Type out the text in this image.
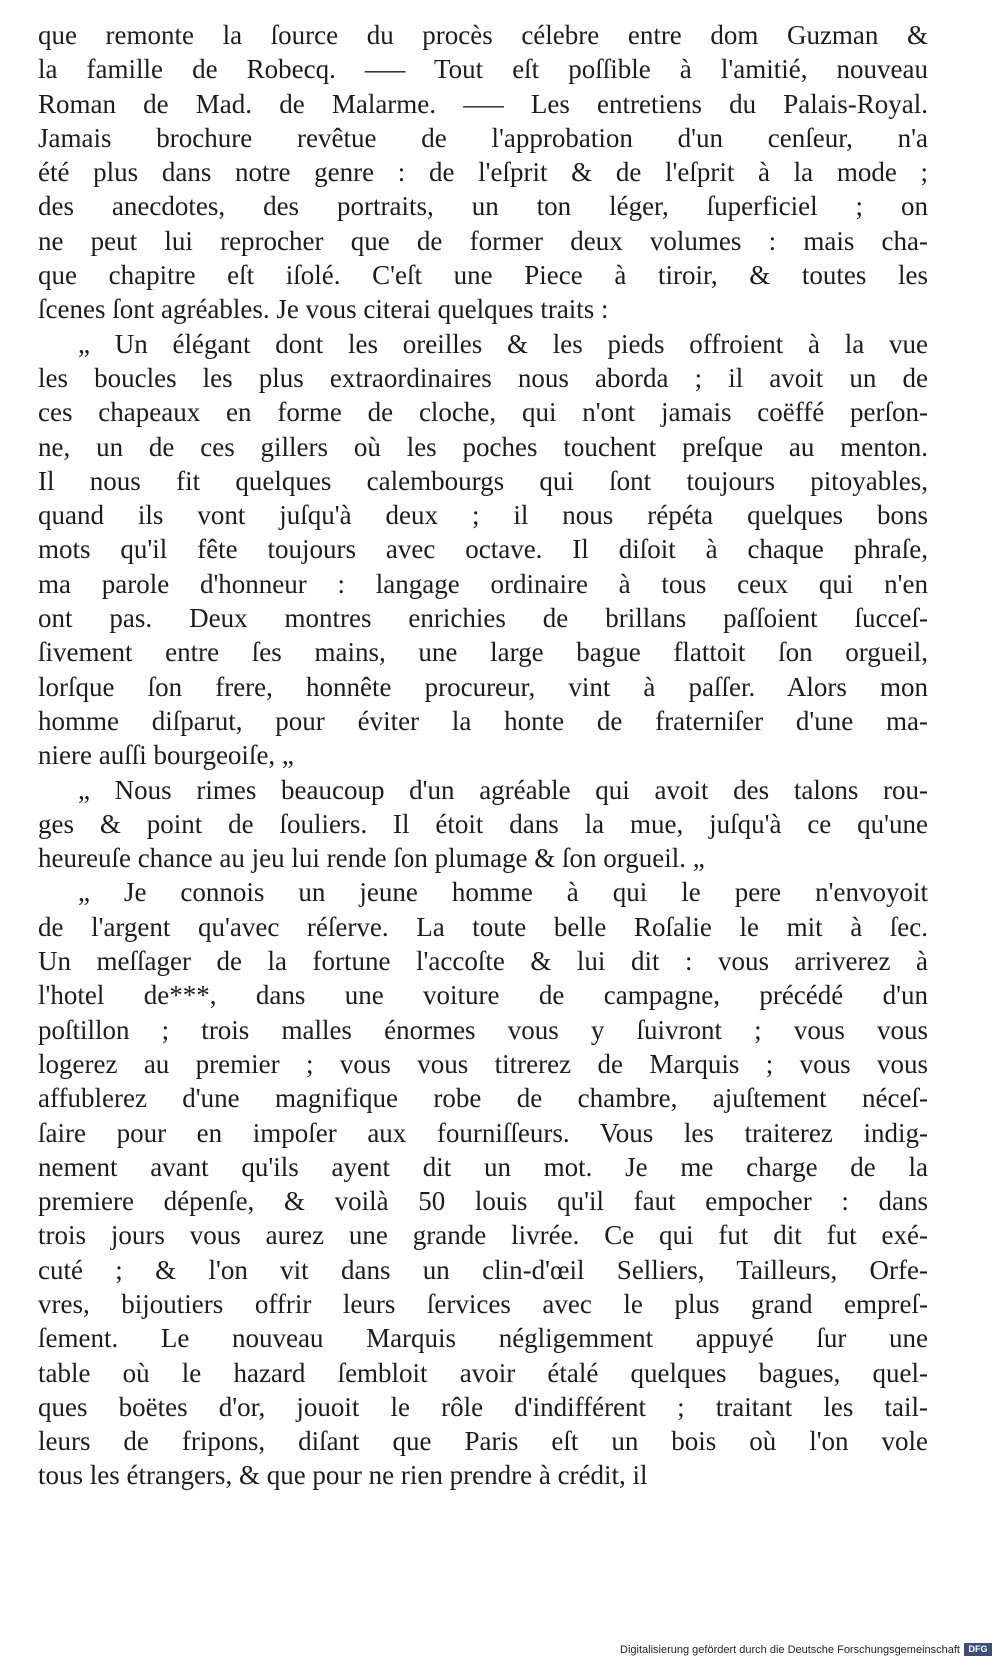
que remonte la ſource du procès célebre entre dom Guzman &
la famille de Robecq. ––– Tout eſt poſſible à l'amitié, nouveau
Roman de Mad. de Malarme. ––– Les entretiens du Palais-Royal.
Jamais brochure revêtue de l'approbation d'un cenſeur, n'a
été plus dans notre genre : de l'eſprit & de l'eſprit à la mode ;
des anecdotes, des portraits, un ton léger, ſuperficiel ; on
ne peut lui reprocher que de former deux volumes : mais cha-
que chapitre eſt iſolé. C'eſt une Piece à tiroir, & toutes les
ſcenes ſont agréables. Je vous citerai quelques traits :
„ Un élégant dont les oreilles & les pieds offroient à la vue
les boucles les plus extraordinaires nous aborda ; il avoit un de
ces chapeaux en forme de cloche, qui n'ont jamais coëffé perſon-
ne, un de ces gillers où les poches touchent preſque au menton.
Il nous fit quelques calembourgs qui ſont toujours pitoyables,
quand ils vont juſqu'à deux ; il nous répéta quelques bons
mots qu'il fête toujours avec octave. Il diſoit à chaque phraſe,
ma parole d'honneur : langage ordinaire à tous ceux qui n'en
ont pas. Deux montres enrichies de brillans paſſoient ſucceſ-
ſivement entre ſes mains, une large bague flattoit ſon orgueil,
lorſque ſon frere, honnête procureur, vint à paſſer. Alors mon
homme diſparut, pour éviter la honte de fraterniſer d'une ma-
niere auſſi bourgeoiſe, „
„ Nous rimes beaucoup d'un agréable qui avoit des talons rou-
ges & point de ſouliers. Il étoit dans la mue, juſqu'à ce qu'une
heureuſe chance au jeu lui rende ſon plumage & ſon orgueil. „
„ Je connois un jeune homme à qui le pere n'envoyoit
de l'argent qu'avec réſerve. La toute belle Roſalie le mit à ſec.
Un meſſager de la fortune l'accoſte & lui dit : vous arriverez à
l'hotel de***, dans une voiture de campagne, précédé d'un
poſtillon ; trois malles énormes vous y ſuivront ; vous vous
logerez au premier ; vous vous titrerez de Marquis ; vous vous
affublerez d'une magnifique robe de chambre, ajuſtement néceſ-
ſaire pour en impoſer aux fourniſſeurs. Vous les traiterez indig-
nement avant qu'ils ayent dit un mot. Je me charge de la
premiere dépenſe, & voilà 50 louis qu'il faut empocher : dans
trois jours vous aurez une grande livrée. Ce qui fut dit fut exé-
cuté ; & l'on vit dans un clin-d'œil Selliers, Tailleurs, Orfe-
vres, bijoutiers offrir leurs ſervices avec le plus grand empreſ-
ſement. Le nouveau Marquis négligemment appuyé ſur une
table où le hazard ſembloit avoir étalé quelques bagues, quel-
ques boëtes d'or, jouoit le rôle d'indifférent ; traitant les tail-
leurs de fripons, diſant que Paris eſt un bois où l'on vole
tous les étrangers, & que pour ne rien prendre à crédit, il
Digitalisierung gefördert durch die Deutsche Forschungsgemeinschaft DFG
